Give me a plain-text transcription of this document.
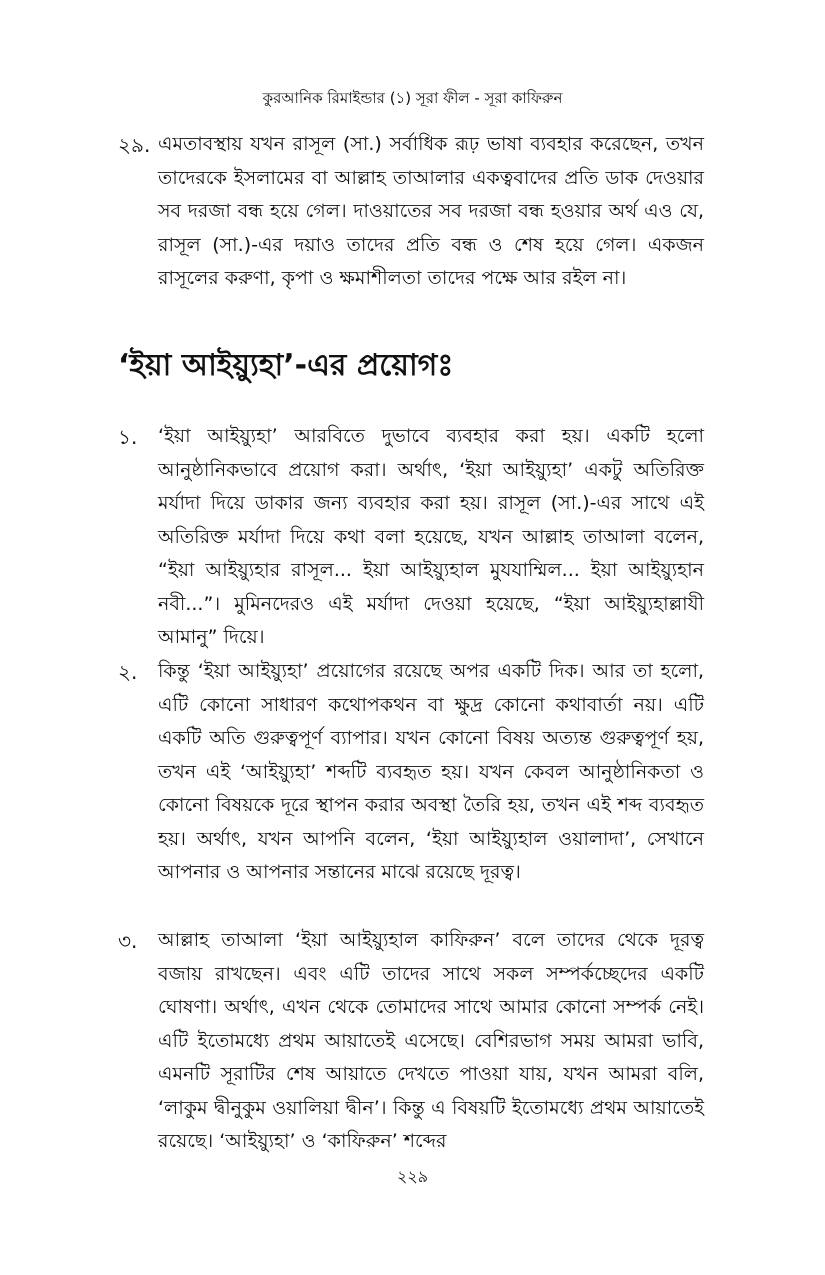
কুরআনিক রিমাইন্ডার (১) সূরা ফীল - সূরা কাফিরুন
২৯. এমতাবস্থায় যখন রাসূল (সা.) সর্বাধিক রূঢ় ভাষা ব্যবহার করেছেন, তখন তাদেরকে ইসলামের বা আল্লাহ তাআলার একত্ববাদের প্রতি ডাক দেওয়ার সব দরজা বন্ধ হয়ে গেল। দাওয়াতের সব দরজা বন্ধ হওয়ার অর্থ এও যে, রাসূল (সা.)-এর দয়াও তাদের প্রতি বন্ধ ও শেষ হয়ে গেল। একজন রাসূলের করুণা, কৃপা ও ক্ষমাশীলতা তাদের পক্ষে আর রইল না।
‘ইয়া আইয়্যুহা’-এর প্রয়োগঃ
১. ‘ইয়া আইয়্যুহা’ আরবিতে দুভাবে ব্যবহার করা হয়। একটি হলো আনুষ্ঠানিকভাবে প্রয়োগ করা। অর্থাৎ, ‘ইয়া আইয়্যুহা’ একটু অতিরিক্ত মর্যাদা দিয়ে ডাকার জন্য ব্যবহার করা হয়। রাসূল (সা.)-এর সাথে এই অতিরিক্ত মর্যাদা দিয়ে কথা বলা হয়েছে, যখন আল্লাহ তাআলা বলেন, “ইয়া আইয়্যুহার রাসূল... ইয়া আইয়্যুহাল মুযযাম্মিল... ইয়া আইয়্যুহান নবী...”। মুমিনদেরও এই মর্যাদা দেওয়া হয়েছে, “ইয়া আইয়্যুহাল্লাযী আমানু” দিয়ে।
২. কিন্তু ‘ইয়া আইয়্যুহা’ প্রয়োগের রয়েছে অপর একটি দিক। আর তা হলো, এটি কোনো সাধারণ কথোপকথন বা ক্ষুদ্র কোনো কথাবার্তা নয়। এটি একটি অতি গুরুত্বপূর্ণ ব্যাপার। যখন কোনো বিষয় অত্যন্ত গুরুত্বপূর্ণ হয়, তখন এই ‘আইয়্যুহা’ শব্দটি ব্যবহৃত হয়। যখন কেবল আনুষ্ঠানিকতা ও কোনো বিষয়কে দূরে স্থাপন করার অবস্থা তৈরি হয়, তখন এই শব্দ ব্যবহৃত হয়। অর্থাৎ, যখন আপনি বলেন, ‘ইয়া আইয়্যুহাল ওয়ালাদা’, সেখানে আপনার ও আপনার সন্তানের মাঝে রয়েছে দূরত্ব।
৩. আল্লাহ তাআলা ‘ইয়া আইয়্যুহাল কাফিরুন’ বলে তাদের থেকে দূরত্ব বজায় রাখছেন। এবং এটি তাদের সাথে সকল সম্পর্কচ্ছেদের একটি ঘোষণা। অর্থাৎ, এখন থেকে তোমাদের সাথে আমার কোনো সম্পর্ক নেই। এটি ইতোমধ্যে প্রথম আয়াতেই এসেছে। বেশিরভাগ সময় আমরা ভাবি, এমনটি সূরাটির শেষ আয়াতে দেখতে পাওয়া যায়, যখন আমরা বলি, ‘লাকুম দ্বীনুকুম ওয়ালিয়া দ্বীন’। কিন্তু এ বিষয়টি ইতোমধ্যে প্রথম আয়াতেই রয়েছে। ‘আইয়্যুহা’ ও ‘কাফিরুন’ শব্দের
২২৯
